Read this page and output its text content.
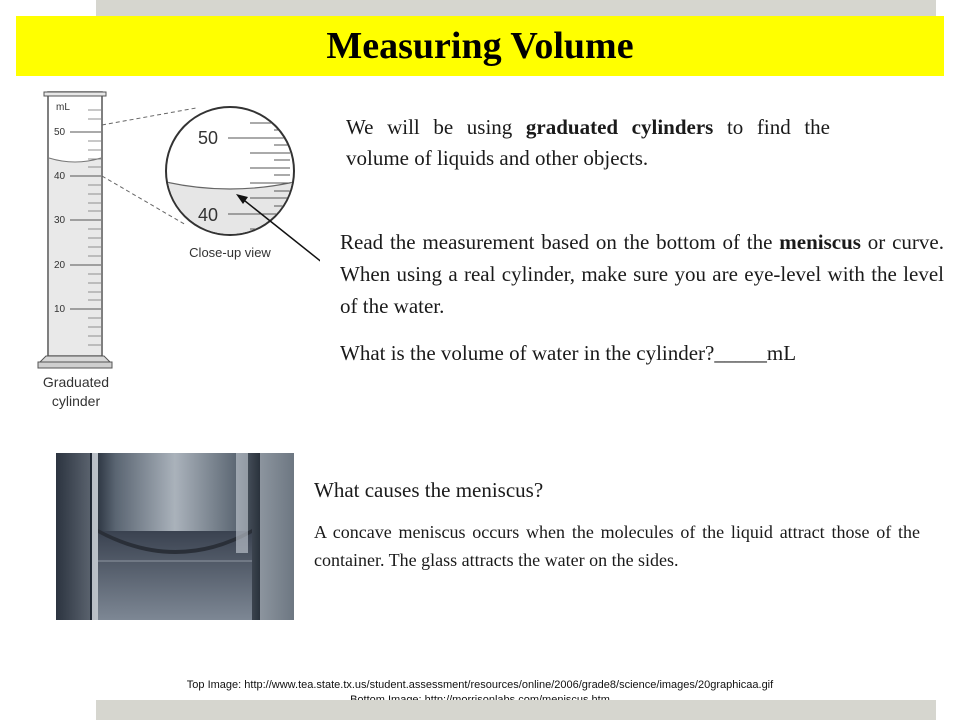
Measuring Volume
mL
50
40
30
20
10
50
40
Close-up view
Graduated
cylinder

We will be using graduated cylinders to find the volume of liquids and other objects.

Read the measurement based on the bottom of the meniscus or curve. When using a real cylinder, make sure you are eye-level with the level of the water.

What is the volume of water in the cylinder?_____mL

What causes the meniscus?

A concave meniscus occurs when the molecules of the liquid attract those of the container. The glass attracts the water on the sides.

Top Image: http://www.tea.state.tx.us/student.assessment/resources/online/2006/grade8/science/images/20graphicaa.gif
